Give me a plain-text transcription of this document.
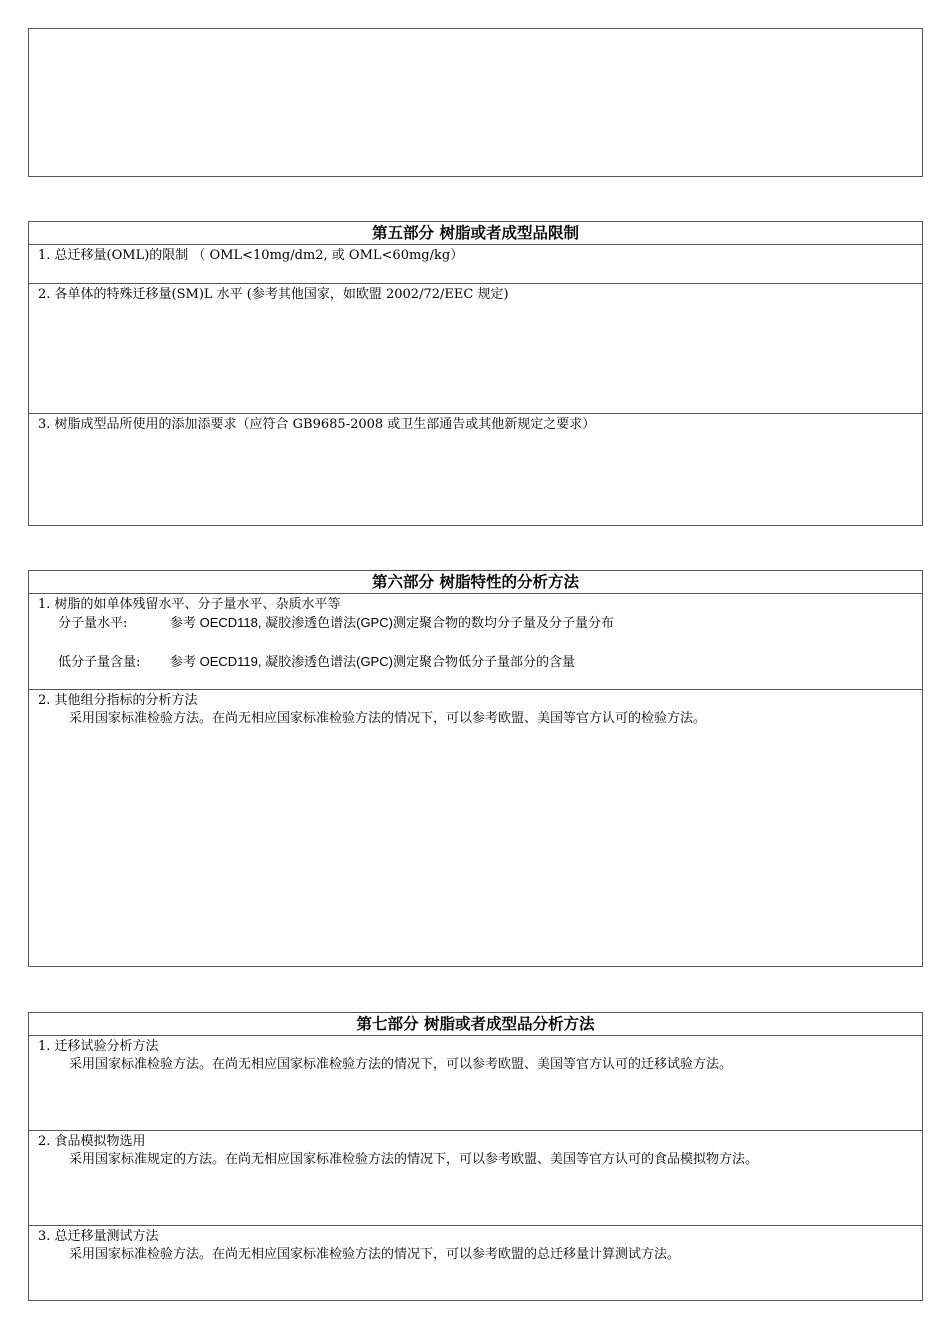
第五部分 树脂或者成型品限制
1. 总迁移量(OML)的限制 （ OML<10mg/dm2, 或 OML<60mg/kg）
2. 各单体的特殊迁移量(SM)L 水平 (参考其他国家，如欧盟 2002/72/EEC 规定)
3. 树脂成型品所使用的添加添要求（应符合 GB9685-2008 或卫生部通告或其他新规定之要求）
第六部分 树脂特性的分析方法
1. 树脂的如单体残留水平、分子量水平、杂质水平等
分子量水平:	参考 OECD118, 凝胶渗透色谱法(GPC)测定聚合物的数均分子量及分子量分布
低分子量含量: 参考 OECD119, 凝胶渗透色谱法(GPC)测定聚合物低分子量部分的含量
2. 其他组分指标的分析方法
采用国家标准检验方法。在尚无相应国家标准检验方法的情况下，可以参考欧盟、美国等官方认可的检验方法。
第七部分 树脂或者成型品分析方法
1. 迁移试验分析方法
采用国家标准检验方法。在尚无相应国家标准检验方法的情况下，可以参考欧盟、美国等官方认可的迁移试验方法。
2. 食品模拟物选用
采用国家标准规定的方法。在尚无相应国家标准检验方法的情况下，可以参考欧盟、美国等官方认可的食品模拟物方法。
3. 总迁移量测试方法
采用国家标准检验方法。在尚无相应国家标准检验方法的情况下，可以参考欧盟的总迁移量计算测试方法。
